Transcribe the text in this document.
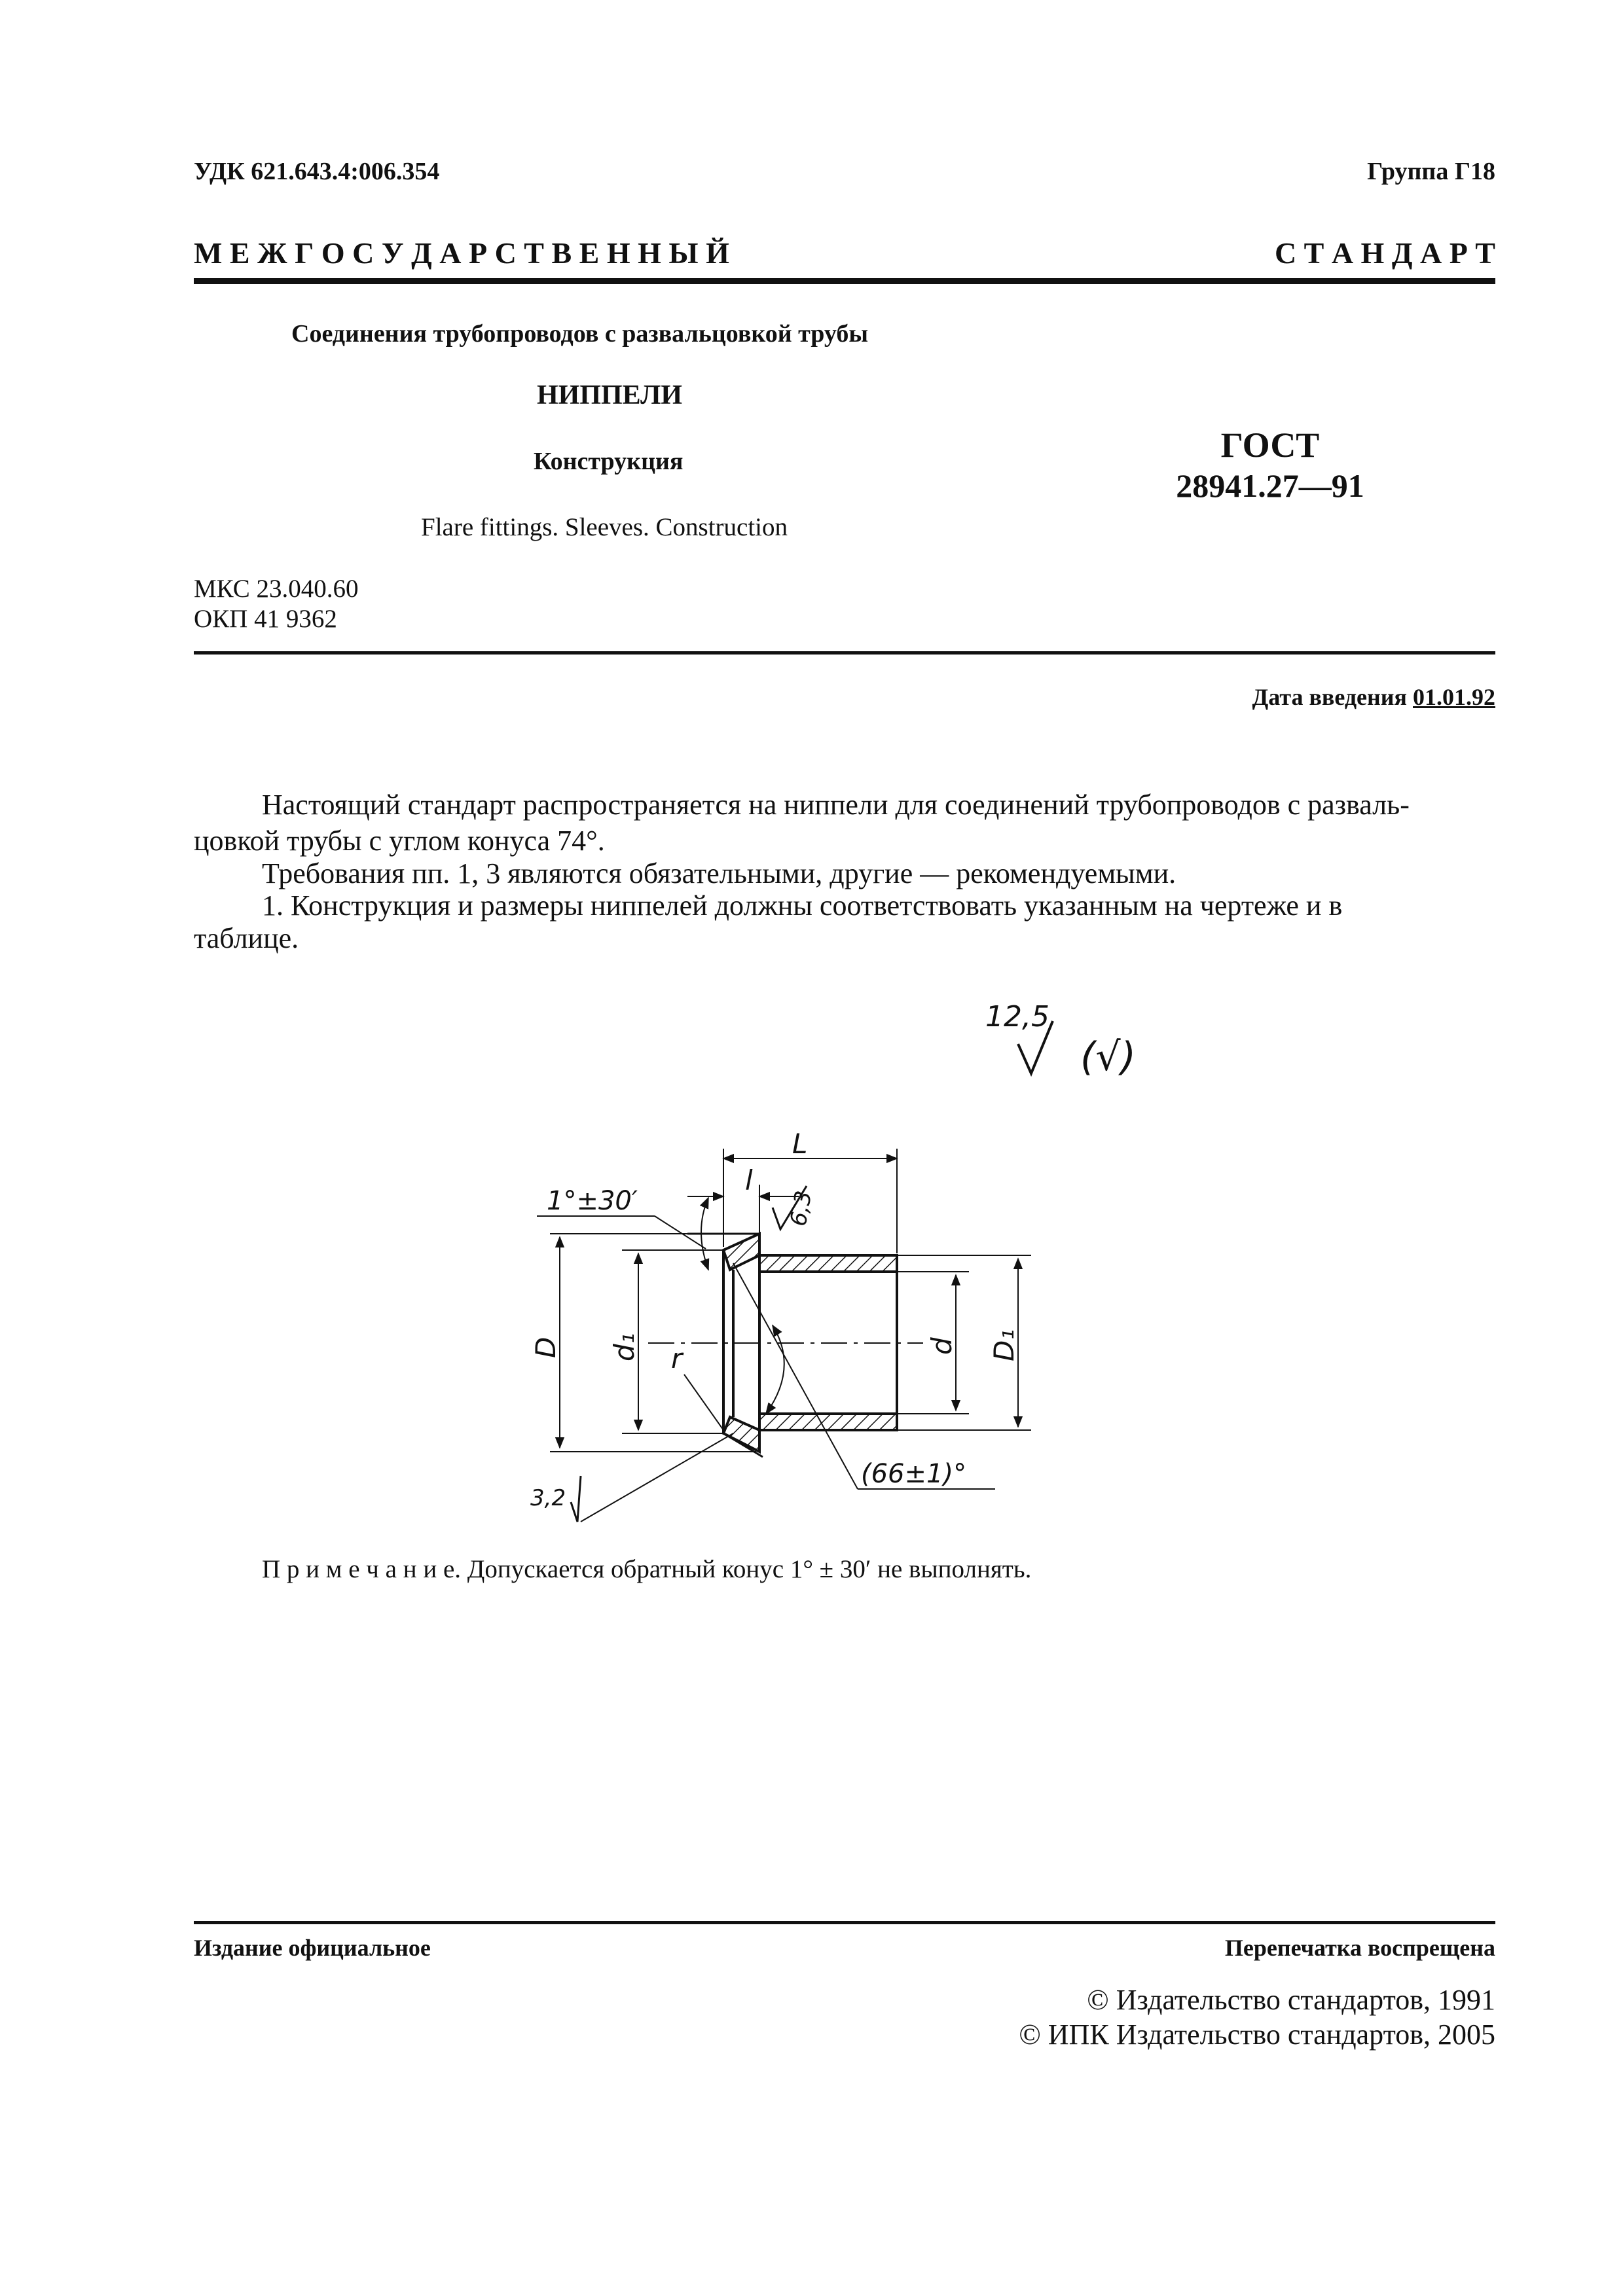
УДК 621.643.4:006.354	Группа Г18
М Е Ж Г О С У Д А Р С Т В Е Н Н Ы Й	С Т А Н Д А Р Т
Соединения трубопроводов с развальцовкой трубы
НИППЕЛИ
Конструкция
Flare fittings. Sleeves. Construction
ГОСТ
28941.27—91
МКС 23.040.60
ОКП 41 9362
Дата введения 01.01.92
Настоящий стандарт распространяется на ниппели для соединений трубопроводов с разваль-
цовкой трубы с углом конуса 74°.
Требования пп. 1, 3 являются обязательными, другие — рекомендуемыми.
1. Конструкция и размеры ниппелей должны соответствовать указанным на чертеже и в
таблице.
12,5
(√)
L
l
1°±30′	6,3
D d₁	d D₁
r
(66±1)°
3,2
П р и м е ч а н и е. Допускается обратный конус 1° ± 30′ не выполнять.
Издание официальное	Перепечатка воспрещена
© Издательство стандартов, 1991
© ИПК Издательство стандартов, 2005
